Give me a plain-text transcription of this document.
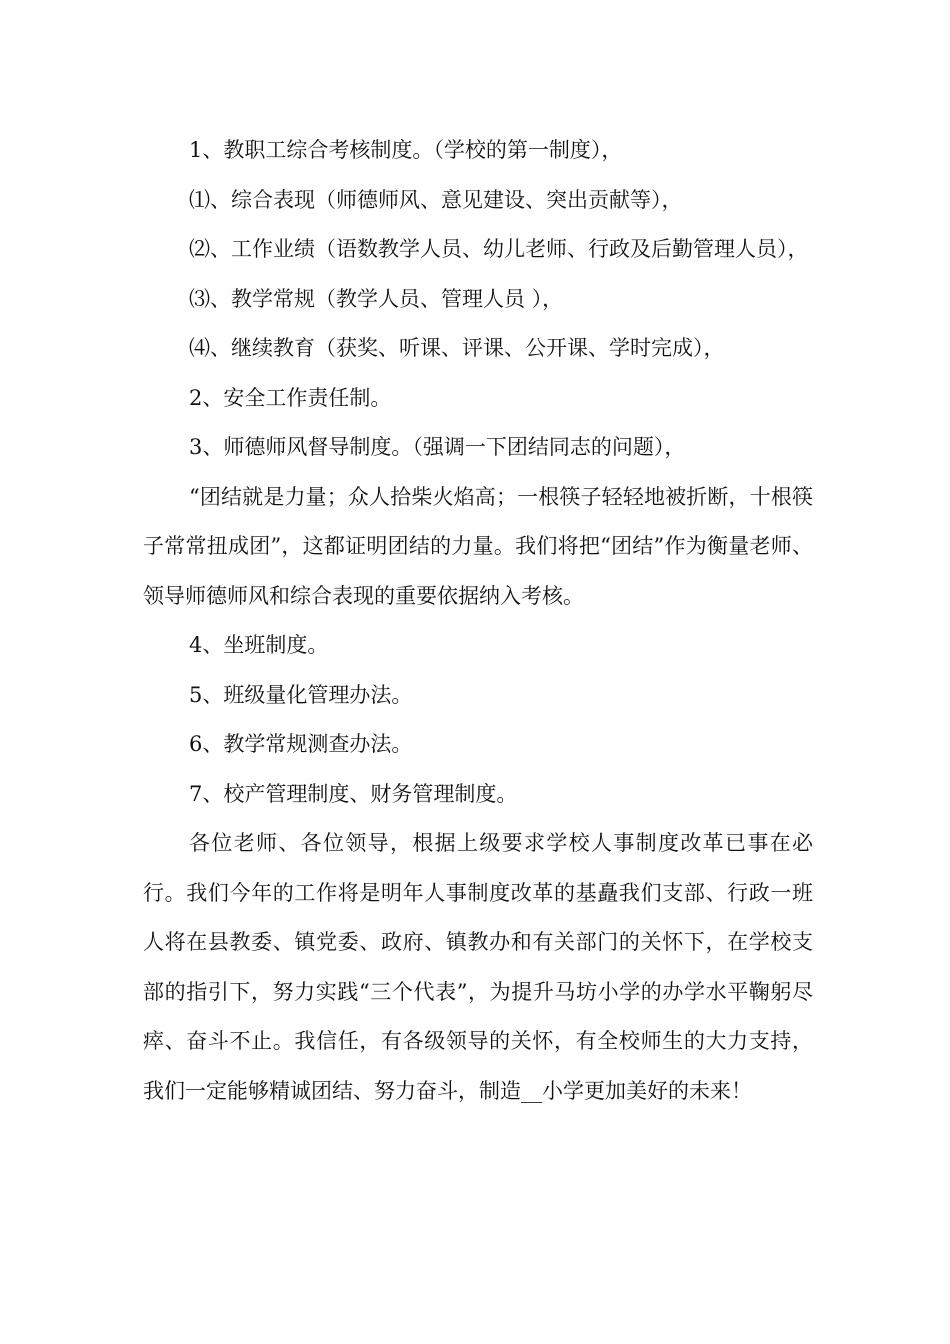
1、教职工综合考核制度。（学校的第一制度），

⑴、综合表现（师德师风、意见建设、突出贡献等），

⑵、工作业绩（语数教学人员、幼儿老师、行政及后勤管理人员），

⑶、教学常规（教学人员、管理人员 ），

⑷、继续教育（获奖、听课、评课、公开课、学时完成），

2、安全工作责任制。

3、师德师风督导制度。（强调一下团结同志的问题），

“团结就是力量；众人拾柴火焰高；一根筷子轻轻地被折断，十根筷子常常扭成团”，这都证明团结的力量。我们将把“团结”作为衡量老师、领导师德师风和综合表现的重要依据纳入考核。

4、坐班制度。

5、班级量化管理办法。

6、教学常规测查办法。

7、校产管理制度、财务管理制度。

各位老师、各位领导，根据上级要求学校人事制度改革已事在必行。我们今年的工作将是明年人事制度改革的基矗我们支部、行政一班人将在县教委、镇党委、政府、镇教办和有关部门的关怀下，在学校支部的指引下，努力实践“三个代表”，为提升马坊小学的办学水平鞠躬尽瘁、奋斗不止。我信任，有各级领导的关怀，有全校师生的大力支持，我们一定能够精诚团结、努力奋斗，制造__小学更加美好的未来！
